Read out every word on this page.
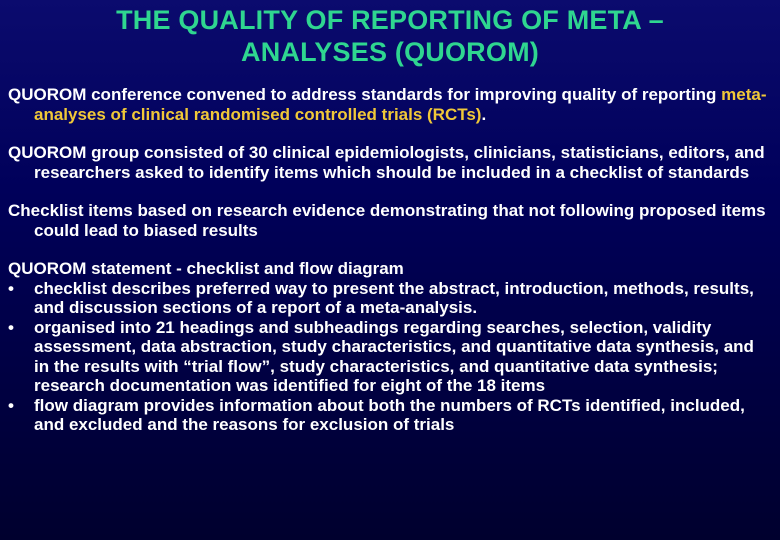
THE QUALITY OF REPORTING OF META –
ANALYSES (QUOROM)

QUOROM conference convened to address standards for improving quality of reporting meta-analyses of clinical randomised controlled trials (RCTs).

QUOROM group consisted of 30 clinical epidemiologists, clinicians, statisticians, editors, and researchers asked to identify items which should be included in a checklist of standards

Checklist items based on research evidence demonstrating that not following proposed items could lead to biased results

QUOROM statement - checklist and flow diagram

•	checklist describes preferred way to present the abstract, introduction, methods, results, and discussion sections of a report of a meta-analysis.
•	organised into 21 headings and subheadings regarding searches, selection, validity assessment, data abstraction, study characteristics, and quantitative data synthesis, and in the results with “trial flow”, study characteristics, and quantitative data synthesis; research documentation was identified for eight of the 18 items
•	flow diagram provides information about both the numbers of RCTs identified, included, and excluded and the reasons for exclusion of trials
